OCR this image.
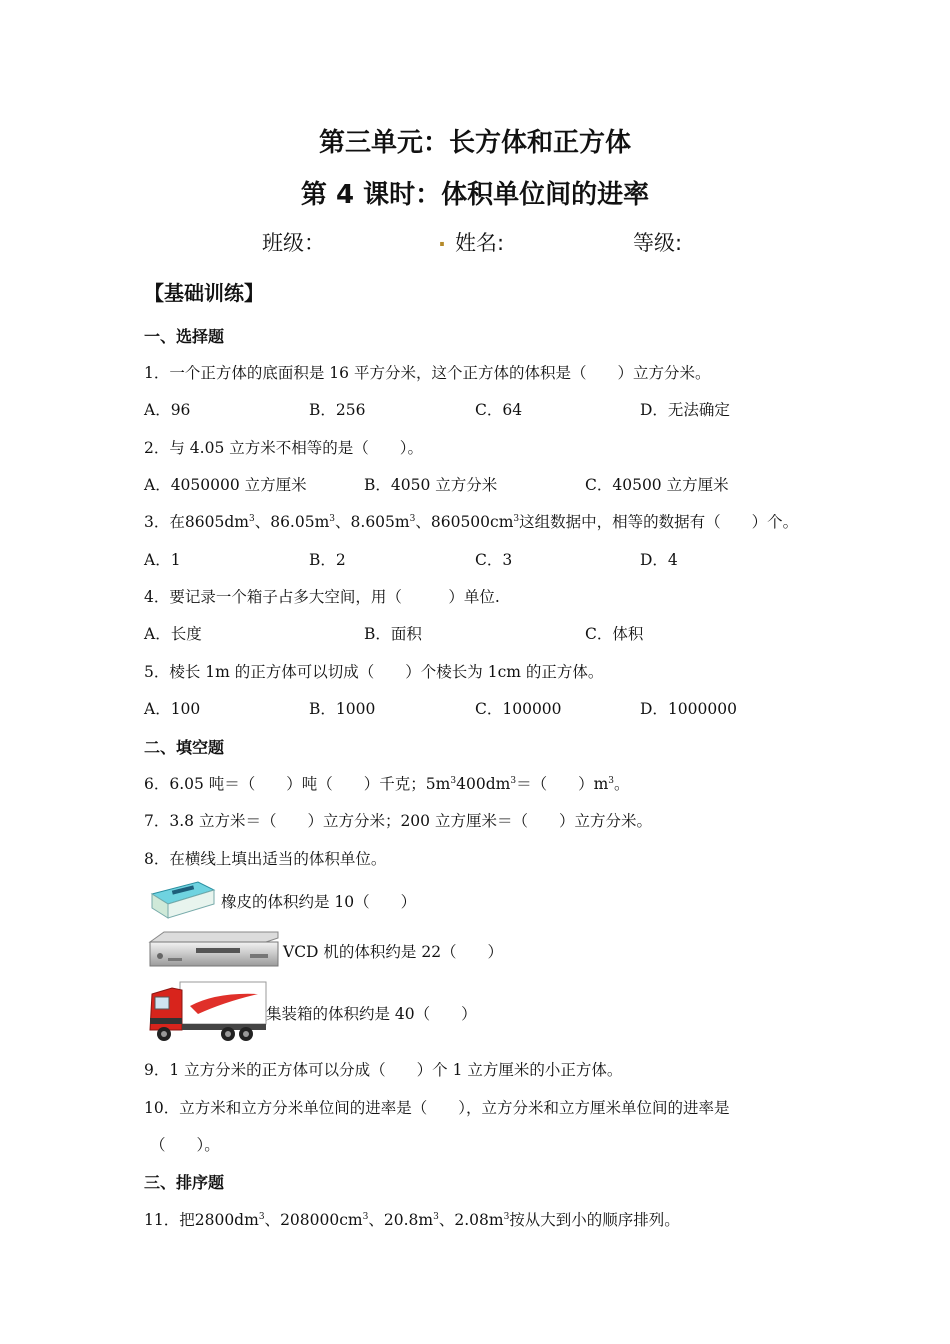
第三单元：长方体和正方体
第 4 课时：体积单位间的进率
班级：	. 姓名:	等级:
【基础训练】
一、选择题
1．一个正方体的底面积是 16 平方分米，这个正方体的体积是（　　）立方分米。
A．96	B．256	C．64	D．无法确定
2．与 4.05 立方米不相等的是（　　）。
A．4050000 立方厘米	B．4050 立方分米	C．40500 立方厘米
3．在$8605dm^3$、$86.05m^3$、$8.605m^3$、$860500cm^3$这组数据中，相等的数据有（　　）个。
A．1	B．2	C．3	D．4
4．要记录一个箱子占多大空间，用（　　　）单位.
A．长度	B．面积	C．体积
5．棱长 1m 的正方体可以切成（　　）个棱长为 1cm 的正方体。
A．100	B．1000	C．100000	D．1000000
二、填空题
6．6.05 吨＝（　　）吨（　　）千克；$5m^3400dm^3=$（　　）$m^3$。
7．3.8 立方米＝（　　）立方分米；200 立方厘米＝（　　）立方分米。
8．在横线上填出适当的体积单位。
橡皮的体积约是 10（　　）
VCD 机的体积约是 22（　　）
集装箱的体积约是 40（　　）
9．1 立方分米的正方体可以分成（　　）个 1 立方厘米的小正方体。
10．立方米和立方分米单位间的进率是（　　），立方分米和立方厘米单位间的进率是
（　　）。
三、排序题
11．把$2800dm^3$、$208000cm^3$、$20.8m^3$、$2.08m^3$按从大到小的顺序排列。
